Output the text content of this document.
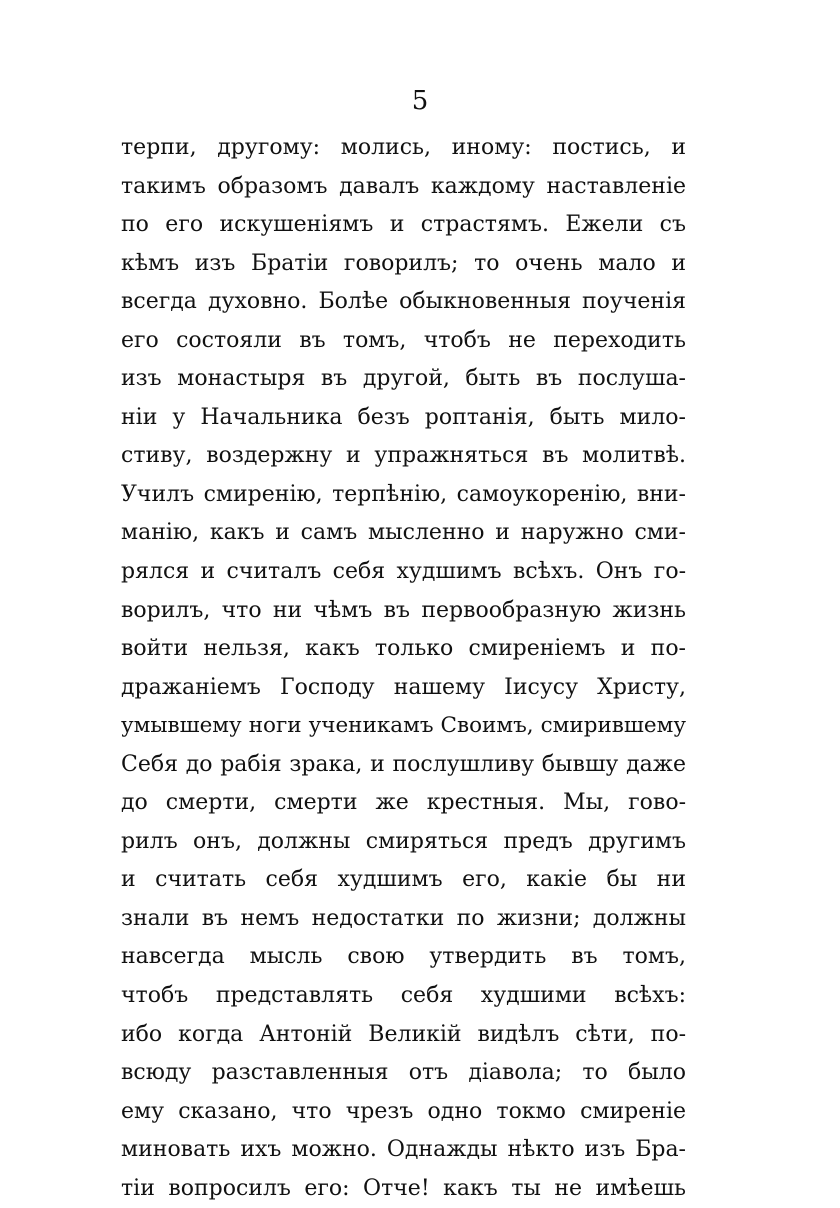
5
терпи, другому: молись, иному: постись, и
такимъ образомъ давалъ каждому наставленіе
по его искушеніямъ и страстямъ. Ежели съ
кѣмъ изъ Братіи говорилъ; то очень мало и
всегда духовно. Болѣе обыкновенныя поученія
его состояли въ томъ, чтобъ не переходить
изъ монастыря въ другой, быть въ послуша-
ніи у Начальника безъ роптанія, быть мило-
стиву, воздержну и упражняться въ молитвѣ.
Училъ смиренію, терпѣнію, самоукоренію, вни-
манію, какъ и самъ мысленно и наружно сми-
рялся и считалъ себя худшимъ всѣхъ. Онъ го-
ворилъ, что ни чѣмъ въ первообразную жизнь
войти нельзя, какъ только смиреніемъ и по-
дражаніемъ Господу нашему Іисусу Христу,
умывшему ноги ученикамъ Своимъ, смирившему
Себя до рабія зрака, и послушливу бывшу даже
до смерти, смерти же крестныя. Мы, гово-
рилъ онъ, должны смиряться предъ другимъ
и считать себя худшимъ его, какіе бы ни
знали въ немъ недостатки по жизни; должны
навсегда мысль свою утвердить въ томъ,
чтобъ представлять себя худшими всѣхъ:
ибо когда Антоній Великій видѣлъ сѣти, по-
всюду разставленныя отъ діавола; то было
ему сказано, что чрезъ одно токмо смиреніе
миновать ихъ можно. Однажды нѣкто изъ Бра-
тіи вопросилъ его: Отче! какъ ты не имѣешь
